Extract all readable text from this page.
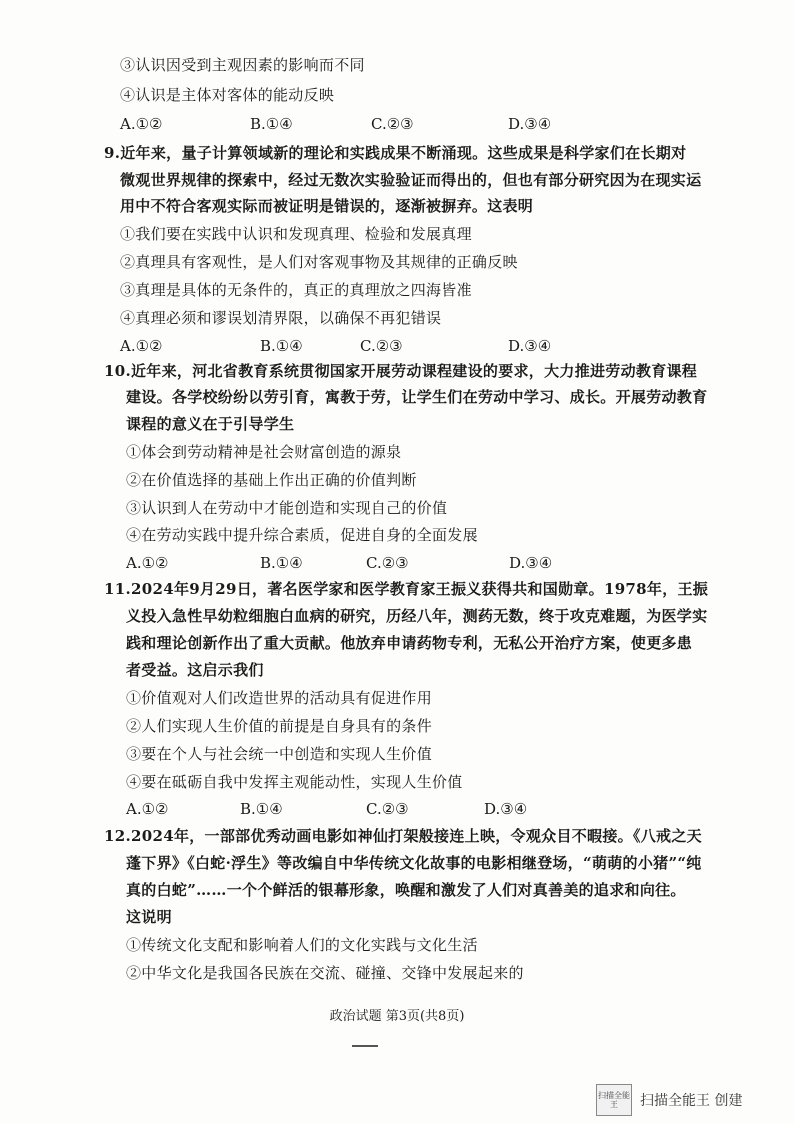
③认识因受到主观因素的影响而不同
④认识是主体对客体的能动反映
A.①②	B.①④	C.②③	D.③④
9.近年来，量子计算领域新的理论和实践成果不断涌现。这些成果是科学家们在长期对
微观世界规律的探索中，经过无数次实验验证而得出的，但也有部分研究因为在现实运
用中不符合客观实际而被证明是错误的，逐渐被摒弃。这表明
①我们要在实践中认识和发现真理、检验和发展真理
②真理具有客观性，是人们对客观事物及其规律的正确反映
③真理是具体的无条件的，真正的真理放之四海皆准
④真理必须和谬误划清界限，以确保不再犯错误
A.①②	B.①④	C.②③	D.③④
10.近年来，河北省教育系统贯彻国家开展劳动课程建设的要求，大力推进劳动教育课程
建设。各学校纷纷以劳引育，寓教于劳，让学生们在劳动中学习、成长。开展劳动教育
课程的意义在于引导学生
①体会到劳动精神是社会财富创造的源泉
②在价值选择的基础上作出正确的价值判断
③认识到人在劳动中才能创造和实现自己的价值
④在劳动实践中提升综合素质，促进自身的全面发展
A.①②	B.①④	C.②③	D.③④
11.2024年9月29日，著名医学家和医学教育家王振义获得共和国勋章。1978年，王振
义投入急性早幼粒细胞白血病的研究，历经八年，测药无数，终于攻克难题，为医学实
践和理论创新作出了重大贡献。他放弃申请药物专利，无私公开治疗方案，使更多患
者受益。这启示我们
①价值观对人们改造世界的活动具有促进作用
②人们实现人生价值的前提是自身具有的条件
③要在个人与社会统一中创造和实现人生价值
④要在砥砺自我中发挥主观能动性，实现人生价值
A.①②	B.①④	C.②③	D.③④
12.2024年，一部部优秀动画电影如神仙打架般接连上映，令观众目不暇接。《八戒之天
蓬下界》《白蛇·浮生》等改编自中华传统文化故事的电影相继登场，“萌萌的小猪”“纯
真的白蛇”……一个个鲜活的银幕形象，唤醒和激发了人们对真善美的追求和向往。
这说明
①传统文化支配和影响着人们的文化实践与文化生活
②中华文化是我国各民族在交流、碰撞、交锋中发展起来的
政治试题 第3页(共8页)
扫描全能王	扫描全能王 创建
